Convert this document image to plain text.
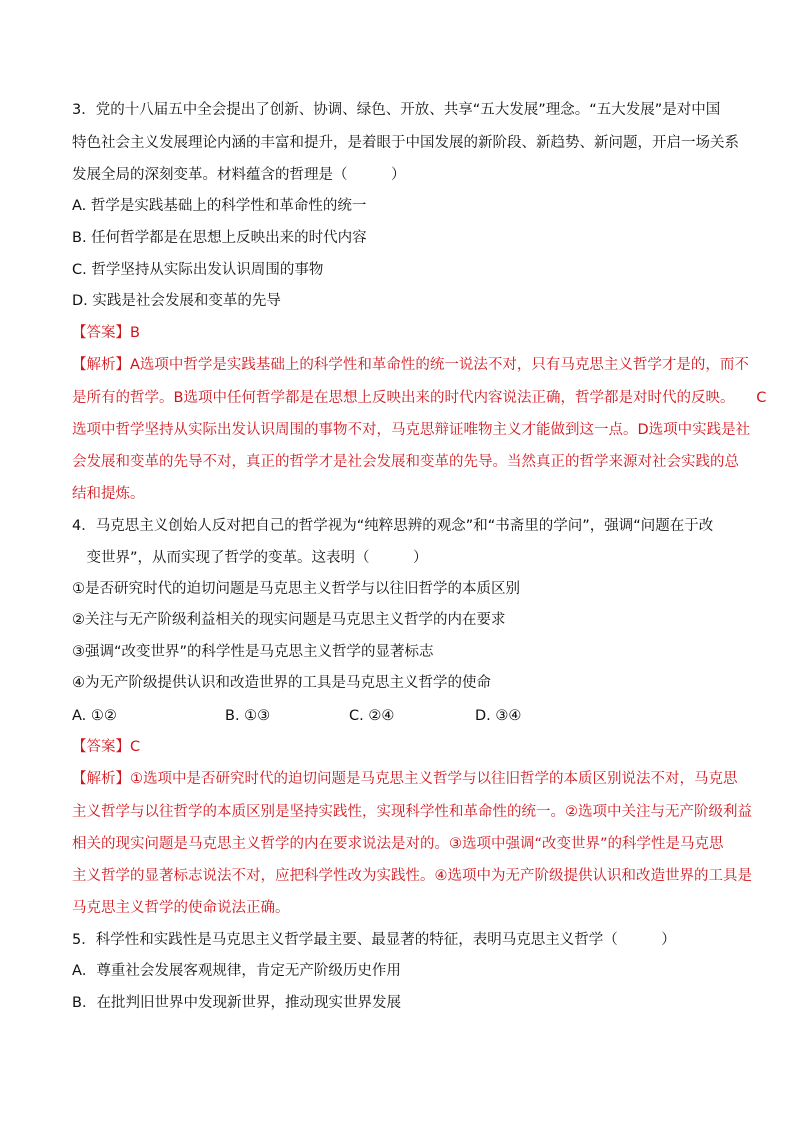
3．党的十八届五中全会提出了创新、协调、绿色、开放、共享“五大发展”理念。“五大发展”是对中国
特色社会主义发展理论内涵的丰富和提升，是着眼于中国发展的新阶段、新趋势、新问题，开启一场关系
发展全局的深刻变革。材料蕴含的哲理是（　　　）
A. 哲学是实践基础上的科学性和革命性的统一
B. 任何哲学都是在思想上反映出来的时代内容
C. 哲学坚持从实际出发认识周围的事物
D. 实践是社会发展和变革的先导
【答案】B
【解析】A选项中哲学是实践基础上的科学性和革命性的统一说法不对，只有马克思主义哲学才是的，而不
是所有的哲学。B选项中任何哲学都是在思想上反映出来的时代内容说法正确，哲学都是对时代的反映。　　C
选项中哲学坚持从实际出发认识周围的事物不对，马克思辩证唯物主义才能做到这一点。D选项中实践是社
会发展和变革的先导不对，真正的哲学才是社会发展和变革的先导。当然真正的哲学来源对社会实践的总
结和提炼。
4．马克思主义创始人反对把自己的哲学视为“纯粹思辨的观念”和“书斋里的学问”，强调“问题在于改
　变世界”，从而实现了哲学的变革。这表明（　　　）
①是否研究时代的迫切问题是马克思主义哲学与以往旧哲学的本质区别
②关注与无产阶级利益相关的现实问题是马克思主义哲学的内在要求
③强调“改变世界”的科学性是马克思主义哲学的显著标志
④为无产阶级提供认识和改造世界的工具是马克思主义哲学的使命
A. ①②	B. ①③	C. ②④	D. ③④
【答案】C
【解析】①选项中是否研究时代的迫切问题是马克思主义哲学与以往旧哲学的本质区别说法不对，马克思
主义哲学与以往哲学的本质区别是坚持实践性，实现科学性和革命性的统一。②选项中关注与无产阶级利益
相关的现实问题是马克思主义哲学的内在要求说法是对的。③选项中强调“改变世界”的科学性是马克思
主义哲学的显著标志说法不对，应把科学性改为实践性。④选项中为无产阶级提供认识和改造世界的工具是
马克思主义哲学的使命说法正确。
5．科学性和实践性是马克思主义哲学最主要、最显著的特征，表明马克思主义哲学（　　　）
A．尊重社会发展客观规律，肯定无产阶级历史作用
B．在批判旧世界中发现新世界，推动现实世界发展
